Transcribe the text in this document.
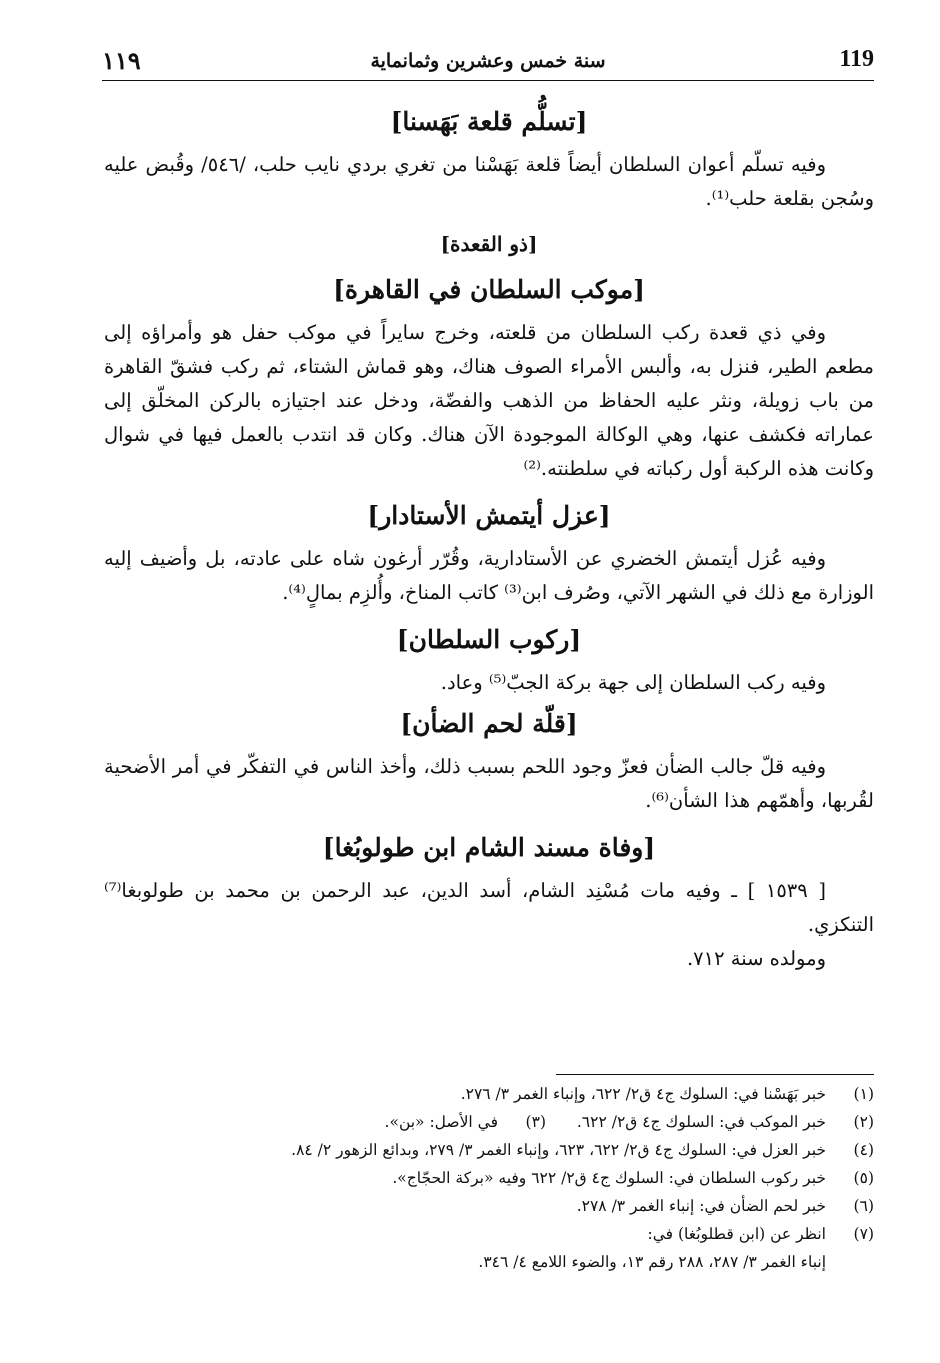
١١٩	سنة خمس وعشرين وثمانماية	119
[تسلُّم قلعة بَهَسنا]

وفيه تسلّم أعوان السلطان أيضاً قلعة بَهَسْنا من تغري بردي نايب حلب، /٥٤٦/ وقُبض عليه وسُجن بقلعة حلب⁽¹⁾.

[ذو القعدة]
[موكب السلطان في القاهرة]

وفي ذي قعدة ركب السلطان من قلعته، وخرج سايراً في موكب حفل هو وأمراؤه إلى مطعم الطير، فنزل به، وألبس الأمراء الصوف هناك، وهو قماش الشتاء، ثم ركب فشقّ القاهرة من باب زويلة، ونثر عليه الحفاظ من الذهب والفضّة، ودخل عند اجتيازه بالركن المخلّق إلى عماراته فكشف عنها، وهي الوكالة الموجودة الآن هناك. وكان قد انتدب بالعمل فيها في شوال وكانت هذه الركبة أول ركباته في سلطنته.⁽²⁾

[عزل أيتمش الأستادار]

وفيه عُزل أيتمش الخضري عن الأستادارية، وقُرّر أرغون شاه على عادته، بل وأضيف إليه الوزارة مع ذلك في الشهر الآتي، وصُرف ابن⁽³⁾ كاتب المناخ، وأُلزِم بمالٍ⁽⁴⁾.

[ركوب السلطان]

وفيه ركب السلطان إلى جهة بركة الجبّ⁽⁵⁾ وعاد.

[قلّة لحم الضأن]

وفيه قلّ جالب الضأن فعزّ وجود اللحم بسبب ذلك، وأخذ الناس في التفكّر في أمر الأضحية لقُربها، وأهمّهم هذا الشأن⁽⁶⁾.

[وفاة مسند الشام ابن طولوبُغا]

[ ١٥٣٩ ] ـ وفيه مات مُسْنِد الشام، أسد الدين، عبد الرحمن بن محمد بن طولوبغا⁽⁷⁾ التنكزي.

ومولده سنة ٧١٢.

(١)
خبر بَهَسْنا في: السلوك ج٤ ق٢/ ٦٢٢، وإنباء الغمر ٣/ ٢٧٦.
(٢)
خبر الموكب في: السلوك ج٤ ق٢/ ٦٢٢.
(٣)
في الأصل: «بن».
(٤)
خبر العزل في: السلوك ج٤ ق٢/ ٦٢٢، ٦٢٣، وإنباء الغمر ٣/ ٢٧٩، وبدائع الزهور ٢/ ٨٤.
(٥)
خبر ركوب السلطان في: السلوك ج٤ ق٢/ ٦٢٢ وفيه «بركة الحجّاج».
(٦)
خبر لحم الضأن في: إنباء الغمر ٣/ ٢٧٨.
(٧)
انظر عن (ابن قطلوبُغا) في:
إنباء الغمر ٣/ ٢٨٧، ٢٨٨ رقم ١٣، والضوء اللامع ٤/ ٣٤٦.
